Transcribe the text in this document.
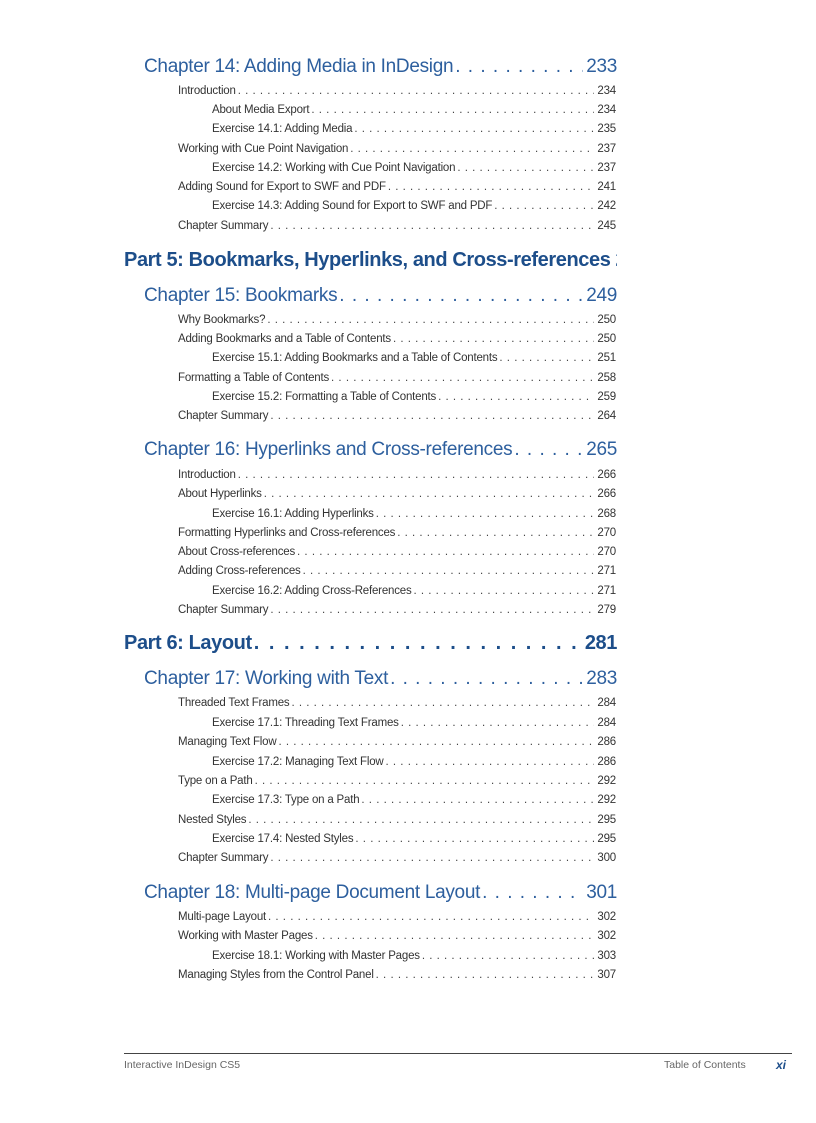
Chapter 14: Adding Media in InDesign . . .	233
Introduction . . .	234
About Media Export . . .	234
Exercise 14.1: Adding Media . . .	235
Working with Cue Point Navigation . . .	237
Exercise 14.2: Working with Cue Point Navigation . . .	237
Adding Sound for Export to SWF and PDF . . .	241
Exercise 14.3: Adding Sound for Export to SWF and PDF . . .	242
Chapter Summary . . .	245
Part 5: Bookmarks, Hyperlinks, and Cross-references
Chapter 15: Bookmarks . . .	249
Why Bookmarks? . . .	250
Adding Bookmarks and a Table of Contents . . .	250
Exercise 15.1: Adding Bookmarks and a Table of Contents . . .	251
Formatting a Table of Contents . . .	258
Exercise 15.2: Formatting a Table of Contents . . .	259
Chapter Summary . . .	264
Chapter 16: Hyperlinks and Cross-references . . .	265
Introduction . . .	266
About Hyperlinks . . .	266
Exercise 16.1: Adding Hyperlinks . . .	268
Formatting Hyperlinks and Cross-references . . .	270
About Cross-references . . .	270
Adding Cross-references . . .	271
Exercise 16.2: Adding Cross-References . . .	271
Chapter Summary . . .	279
Part 6: Layout . . .	281
Chapter 17: Working with Text . . .	283
Threaded Text Frames . . .	284
Exercise 17.1: Threading Text Frames . . .	284
Managing Text Flow . . .	286
Exercise 17.2: Managing Text Flow . . .	286
Type on a Path . . .	292
Exercise 17.3: Type on a Path . . .	292
Nested Styles . . .	295
Exercise 17.4: Nested Styles . . .	295
Chapter Summary . . .	300
Chapter 18: Multi-page Document Layout . . .	301
Multi-page Layout . . .	302
Working with Master Pages . . .	302
Exercise 18.1: Working with Master Pages . . .	303
Managing Styles from the Control Panel . . .	307
Interactive InDesign CS5	Table of Contents	xi
